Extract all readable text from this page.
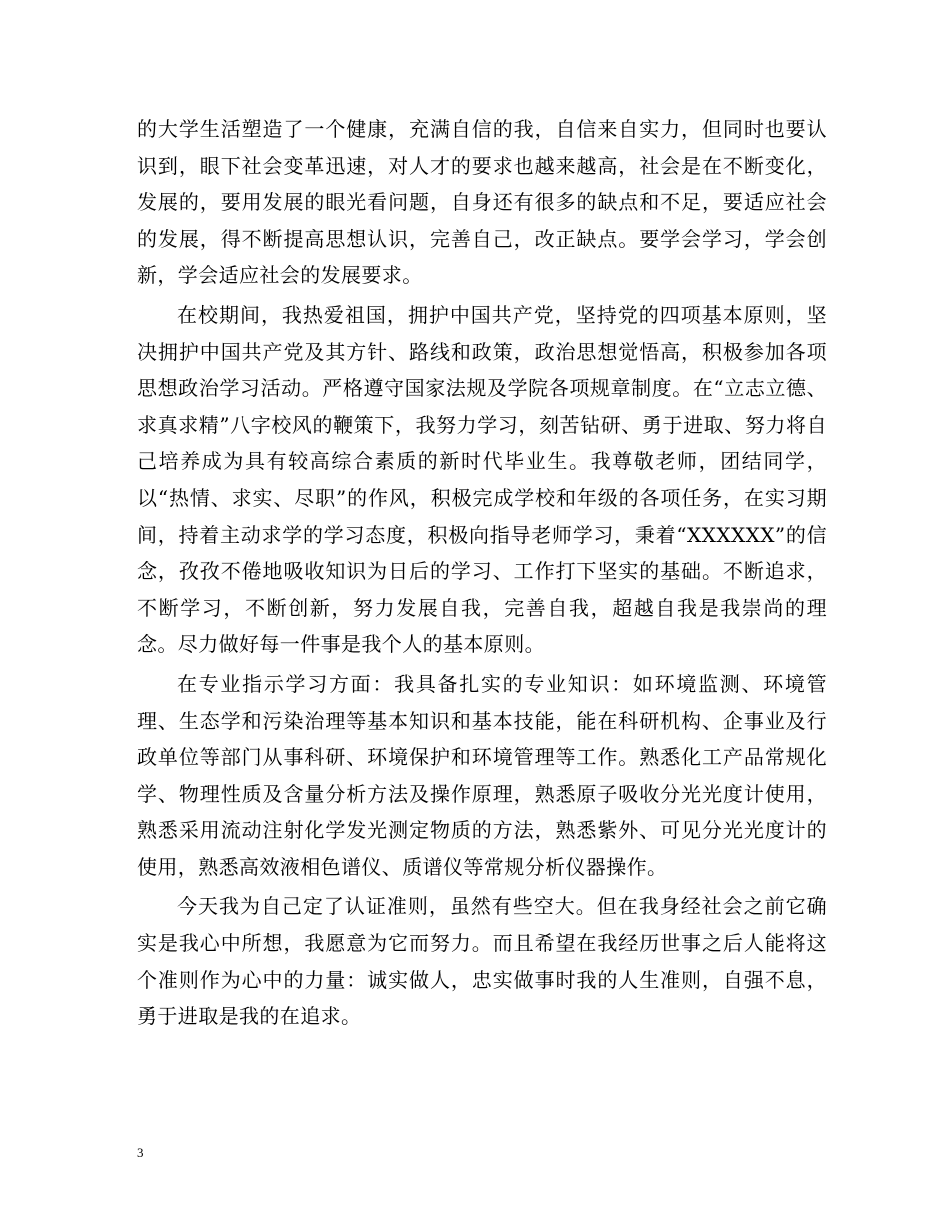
的大学生活塑造了一个健康，充满自信的我，自信来自实力，但同时也要认识到，眼下社会变革迅速，对人才的要求也越来越高，社会是在不断变化，发展的，要用发展的眼光看问题，自身还有很多的缺点和不足，要适应社会的发展，得不断提高思想认识，完善自己，改正缺点。要学会学习，学会创新，学会适应社会的发展要求。

在校期间，我热爱祖国，拥护中国共产党，坚持党的四项基本原则，坚决拥护中国共产党及其方针、路线和政策，政治思想觉悟高，积极参加各项思想政治学习活动。严格遵守国家法规及学院各项规章制度。在“立志立德、求真求精”八字校风的鞭策下，我努力学习，刻苦钻研、勇于进取、努力将自己培养成为具有较高综合素质的新时代毕业生。我尊敬老师，团结同学，以“热情、求实、尽职”的作风，积极完成学校和年级的各项任务，在实习期间，持着主动求学的学习态度，积极向指导老师学习，秉着“XXXXXX”的信念，孜孜不倦地吸收知识为日后的学习、工作打下坚实的基础。不断追求，不断学习，不断创新，努力发展自我，完善自我，超越自我是我崇尚的理念。尽力做好每一件事是我个人的基本原则。

在专业指示学习方面：我具备扎实的专业知识：如环境监测、环境管理、生态学和污染治理等基本知识和基本技能，能在科研机构、企事业及行政单位等部门从事科研、环境保护和环境管理等工作。熟悉化工产品常规化学、物理性质及含量分析方法及操作原理，熟悉原子吸收分光光度计使用，熟悉采用流动注射化学发光测定物质的方法，熟悉紫外、可见分光光度计的使用，熟悉高效液相色谱仪、质谱仪等常规分析仪器操作。

今天我为自己定了认证准则，虽然有些空大。但在我身经社会之前它确实是我心中所想，我愿意为它而努力。而且希望在我经历世事之后人能将这个准则作为心中的力量：诚实做人，忠实做事时我的人生准则，自强不息，勇于进取是我的在追求。

3
